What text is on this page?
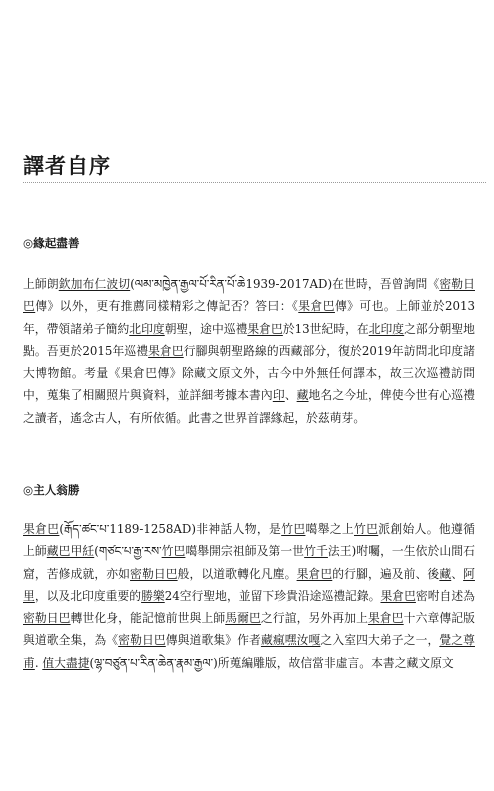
譯者自序
◎緣起盡善
上師朗欽加布仁波切(ལམ་མཁྱེན་རྒྱལ་པོ་རིན་པོ་ཆེ1939-2017AD)在世時，吾曾詢問《密勒日巴傳》以外，更有推薦同樣精彩之傳記否？答曰：《果倉巴傳》可也。上師並於2013年，帶領諸弟子簡約北印度朝聖，途中巡禮果倉巴於13世紀時，在北印度之部分朝聖地點。吾更於2015年巡禮果倉巴行腳與朝聖路線的西藏部分，復於2019年訪問北印度諸大博物館。考量《果倉巴傳》除藏文原文外，古今中外無任何譯本，故三次巡禮訪問中，蒐集了相關照片與資料，並詳細考據本書內印、藏地名之今址，俾使今世有心巡禮之讀者，遙念古人，有所依循。此書之世界首譯緣起，於茲萌芽。
◎主人翁勝
果倉巴(རྒོད་ཚང་པ་1189-1258AD)非神話人物，是竹巴噶舉之上竹巴派創始人。他遵循上師藏巴甲紝(གཙང་པ་རྒྱ་རས་竹巴噶舉開宗祖師及第一世竹千法王)咐囑，一生依於山間石窟，苦修成就，亦如密勒日巴般，以道歌轉化凡塵。果倉巴的行腳，遍及前、後藏、阿里，以及北印度重要的勝樂24空行聖地，並留下珍貴沿途巡禮記錄。果倉巴密咐自述為密勒日巴轉世化身，能記憶前世與上師馬爾巴之行誼，另外再加上果倉巴十六章傳記版與道歌全集，為《密勒日巴傳與道歌集》作者藏瘋嘿汝嘎之入室四大弟子之一，覺之尊甫. 值大盡捷(ལྷ་བཙུན་པ་རིན་ཆེན་རྣམ་རྒྱལ་)所蒐編雕版，故信當非虛言。本書之藏文原文
